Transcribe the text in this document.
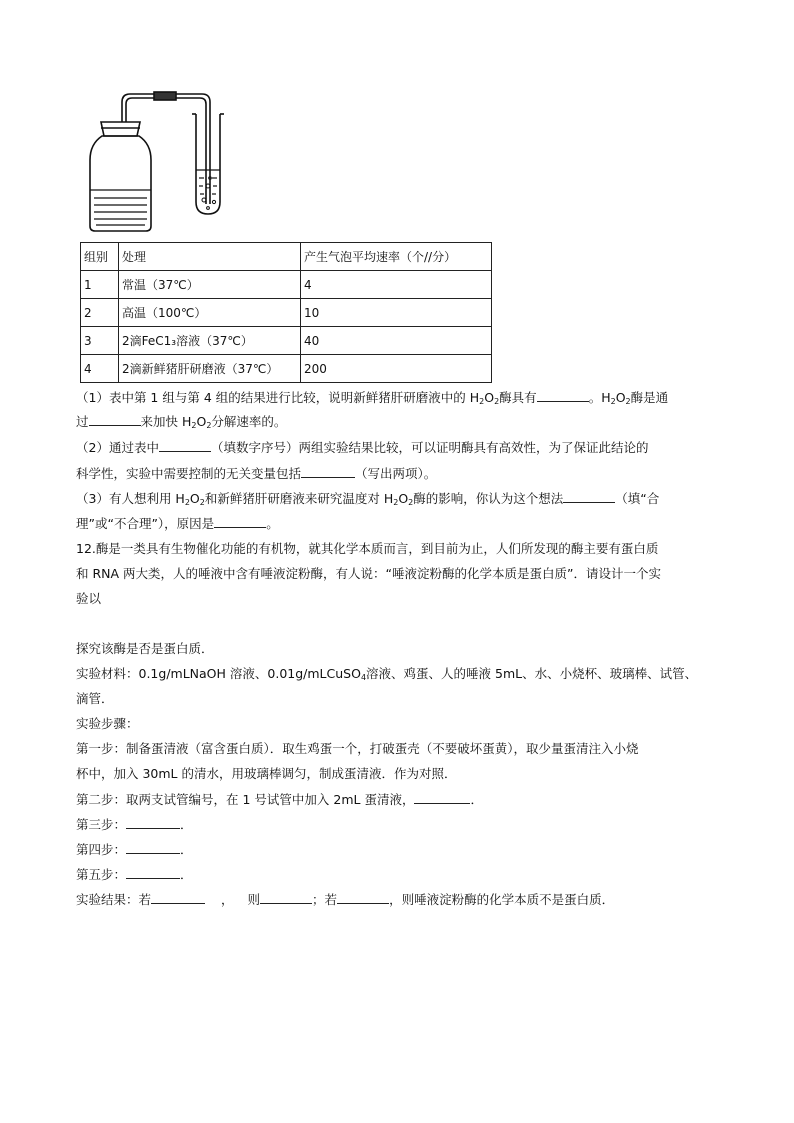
组别	处理	产生气泡平均速率（个//分）
1	常温（37℃）	4
2	高温（100℃）	10
3	2滴FeC1₃溶液（37℃）	40
4	2滴新鲜猪肝研磨液（37℃）	200
（1）表中第 1 组与第 4 组的结果进行比较，说明新鲜猪肝研磨液中的 $H_2O_2$酶具有	。$H_2O_2$酶是通
过	来加快 $H_2O_2$分解速率的。
（2）通过表中	（填数字序号）两组实验结果比较，可以证明酶具有高效性，为了保证此结论的
科学性，实验中需要控制的无关变量包括	（写出两项）。
（3）有人想利用 $H_2O_2$和新鲜猪肝研磨液来研究温度对 $H_2O_2$酶的影响，你认为这个想法	（填“合
理”或“不合理”），原因是	。
12.酶是一类具有生物催化功能的有机物，就其化学本质而言，到目前为止，人们所发现的酶主要有蛋白质
和 RNA 两大类，人的唾液中含有唾液淀粉酶，有人说：“唾液淀粉酶的化学本质是蛋白质”．请设计一个实
验以
探究该酶是否是蛋白质．
实验材料：0.1g/mLNaOH 溶液、0.01g/mLCuSO$_4$溶液、鸡蛋、人的唾液 5mL、水、小烧杯、玻璃棒、试管、
滴管．
实验步骤：
第一步：制备蛋清液（富含蛋白质）．取生鸡蛋一个，打破蛋壳（不要破坏蛋黄），取少量蛋清注入小烧
杯中，加入 30mL 的清水，用玻璃棒调匀，制成蛋清液．作为对照．
第二步：取两支试管编号，在 1 号试管中加入 2mL 蛋清液，	．
第三步：	．
第四步：	．
第五步：	．
实验结果：若	， 则	；若	，则唾液淀粉酶的化学本质不是蛋白质．
